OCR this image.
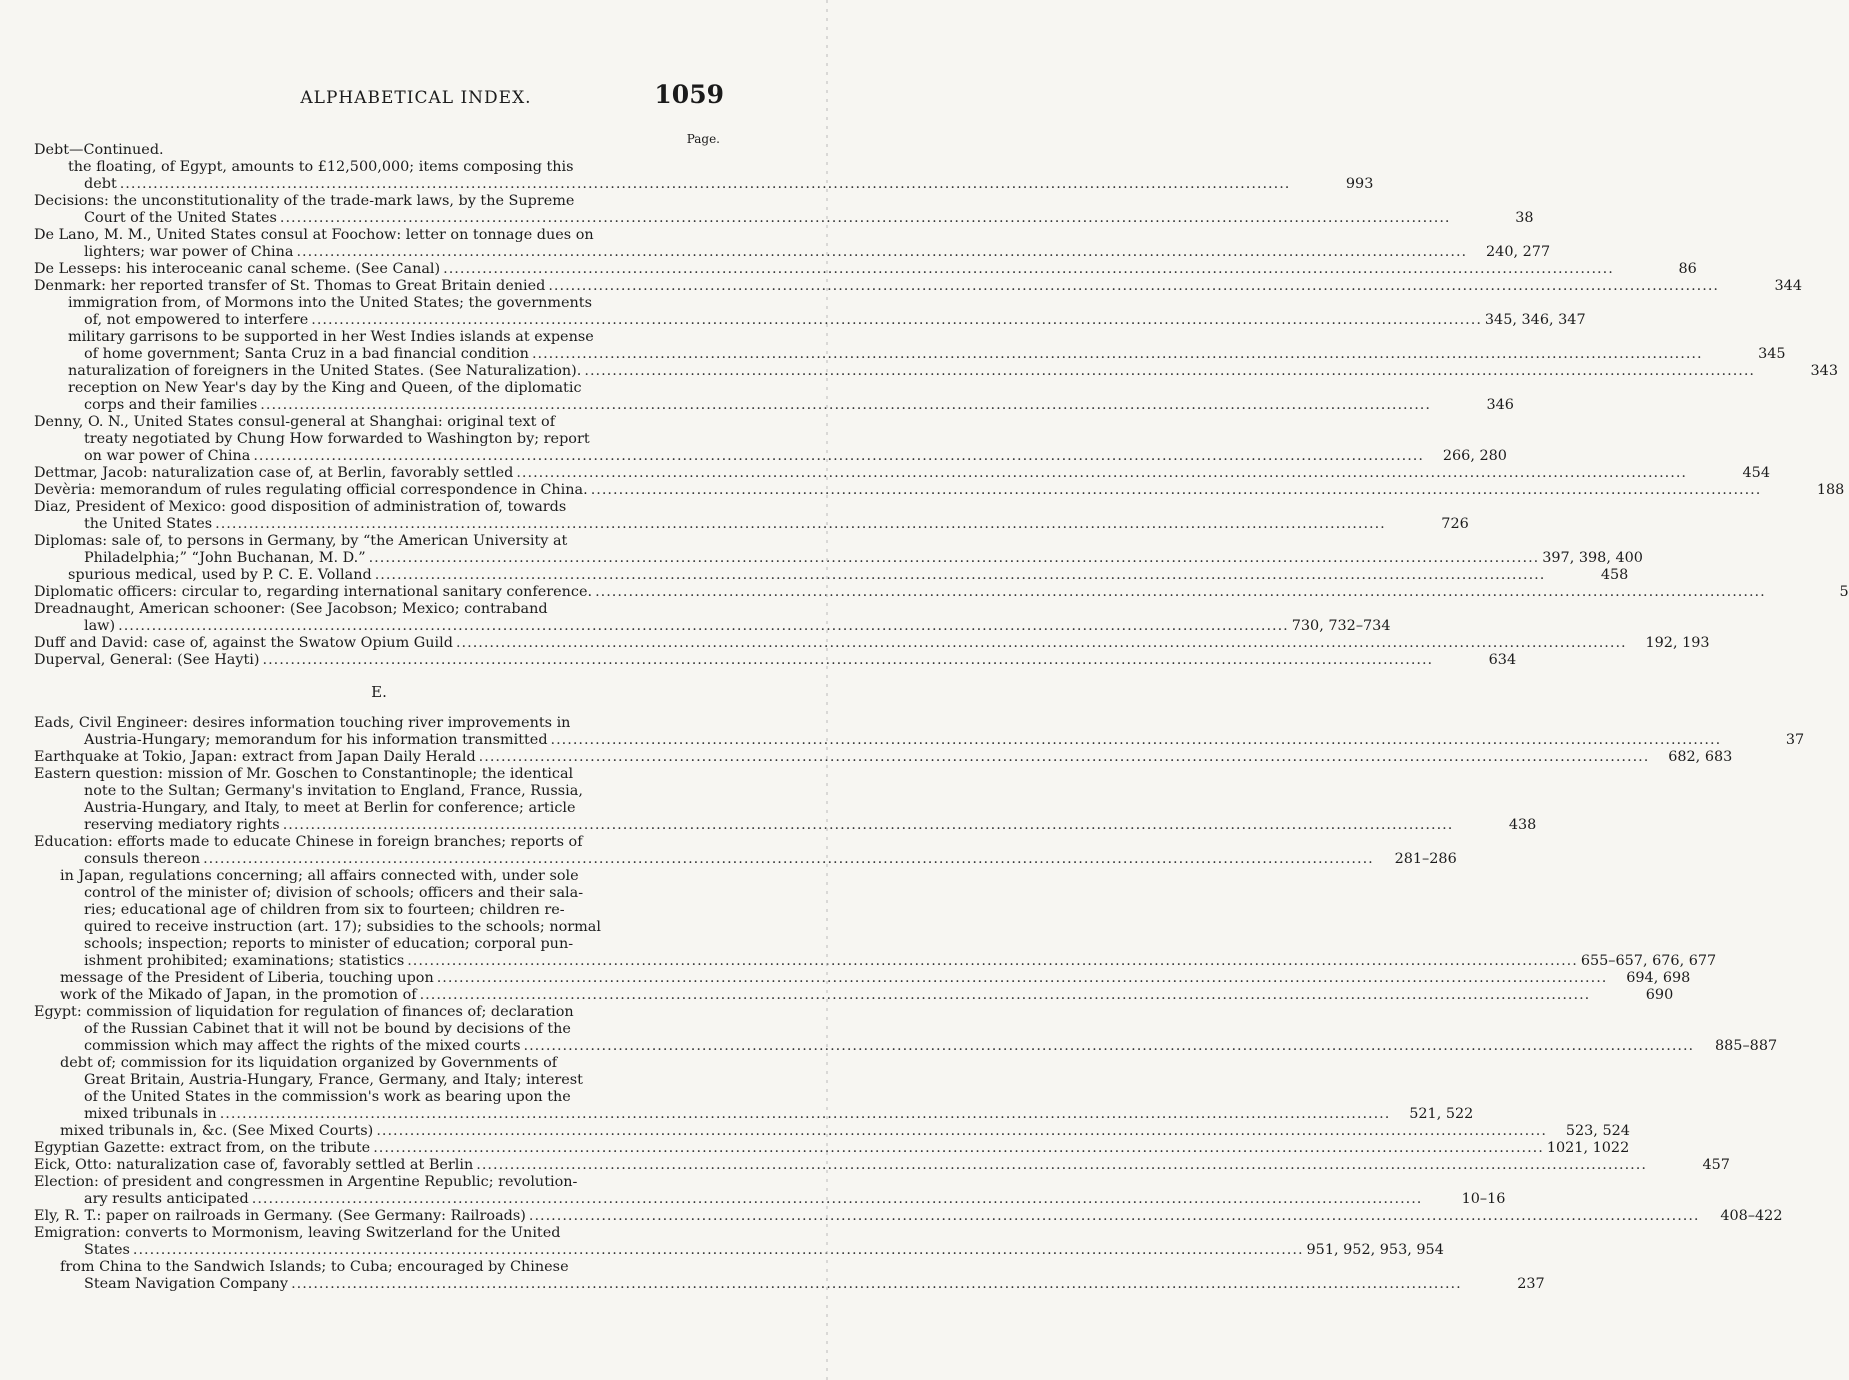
ALPHABETICAL INDEX.	1059
Page.
Debt—Continued.
the floating, of Egypt, amounts to £12,500,000; items composing this
debt .....	993
Decisions: the unconstitutionality of the trade-mark laws, by the Supreme
Court of the United States .....	38
De Lano, M. M., United States consul at Foochow: letter on tonnage dues on
lighters; war power of China .....	240, 277
De Lesseps: his interoceanic canal scheme. (See Canal) .....	86
Denmark: her reported transfer of St. Thomas to Great Britain denied .....	344
immigration from, of Mormons into the United States; the governments
of, not empowered to interfere .....	345, 346, 347
military garrisons to be supported in her West Indies islands at expense
of home government; Santa Cruz in a bad financial condition .....	345
naturalization of foreigners in the United States. (See Naturalization). .....	343
reception on New Year's day by the King and Queen, of the diplomatic
corps and their families .....	346
Denny, O. N., United States consul-general at Shanghai: original text of
treaty negotiated by Chung How forwarded to Washington by; report
on war power of China .....	266, 280
Dettmar, Jacob: naturalization case of, at Berlin, favorably settled .....	454
Devèria: memorandum of rules regulating official correspondence in China. .....	188
Diaz, President of Mexico: good disposition of administration of, towards
the United States .....	726
Diplomas: sale of, to persons in Germany, by “the American University at
Philadelphia;” “John Buchanan, M. D.” .....	397, 398, 400
spurious medical, used by P. C. E. Volland .....	458
Diplomatic officers: circular to, regarding international sanitary conference. .....	5
Dreadnaught, American schooner: (See Jacobson; Mexico; contraband
law) .....	730, 732–734
Duff and David: case of, against the Swatow Opium Guild .....	192, 193
Duperval, General: (See Hayti) .....	634
E.
Eads, Civil Engineer: desires information touching river improvements in
Austria-Hungary; memorandum for his information transmitted .....	37
Earthquake at Tokio, Japan: extract from Japan Daily Herald .....	682, 683
Eastern question: mission of Mr. Goschen to Constantinople; the identical
note to the Sultan; Germany's invitation to England, France, Russia,
Austria-Hungary, and Italy, to meet at Berlin for conference; article
reserving mediatory rights .....	438
Education: efforts made to educate Chinese in foreign branches; reports of
consuls thereon .....	281–286
in Japan, regulations concerning; all affairs connected with, under sole
control of the minister of; division of schools; officers and their sala-
ries; educational age of children from six to fourteen; children re-
quired to receive instruction (art. 17); subsidies to the schools; normal
schools; inspection; reports to minister of education; corporal pun-
ishment prohibited; examinations; statistics .....	655–657, 676, 677
message of the President of Liberia, touching upon .....	694, 698
work of the Mikado of Japan, in the promotion of .....	690
Egypt: commission of liquidation for regulation of finances of; declaration
of the Russian Cabinet that it will not be bound by decisions of the
commission which may affect the rights of the mixed courts .....	885–887
debt of; commission for its liquidation organized by Governments of
Great Britain, Austria-Hungary, France, Germany, and Italy; interest
of the United States in the commission's work as bearing upon the
mixed tribunals in .....	521, 522
mixed tribunals in, &c. (See Mixed Courts) .....	523, 524
Egyptian Gazette: extract from, on the tribute .....	1021, 1022
Eick, Otto: naturalization case of, favorably settled at Berlin .....	457
Election: of president and congressmen in Argentine Republic; revolution-
ary results anticipated .....	10–16
Ely, R. T.: paper on railroads in Germany. (See Germany: Railroads) .....	408–422
Emigration: converts to Mormonism, leaving Switzerland for the United
States .....	951, 952, 953, 954
from China to the Sandwich Islands; to Cuba; encouraged by Chinese
Steam Navigation Company .....	237
